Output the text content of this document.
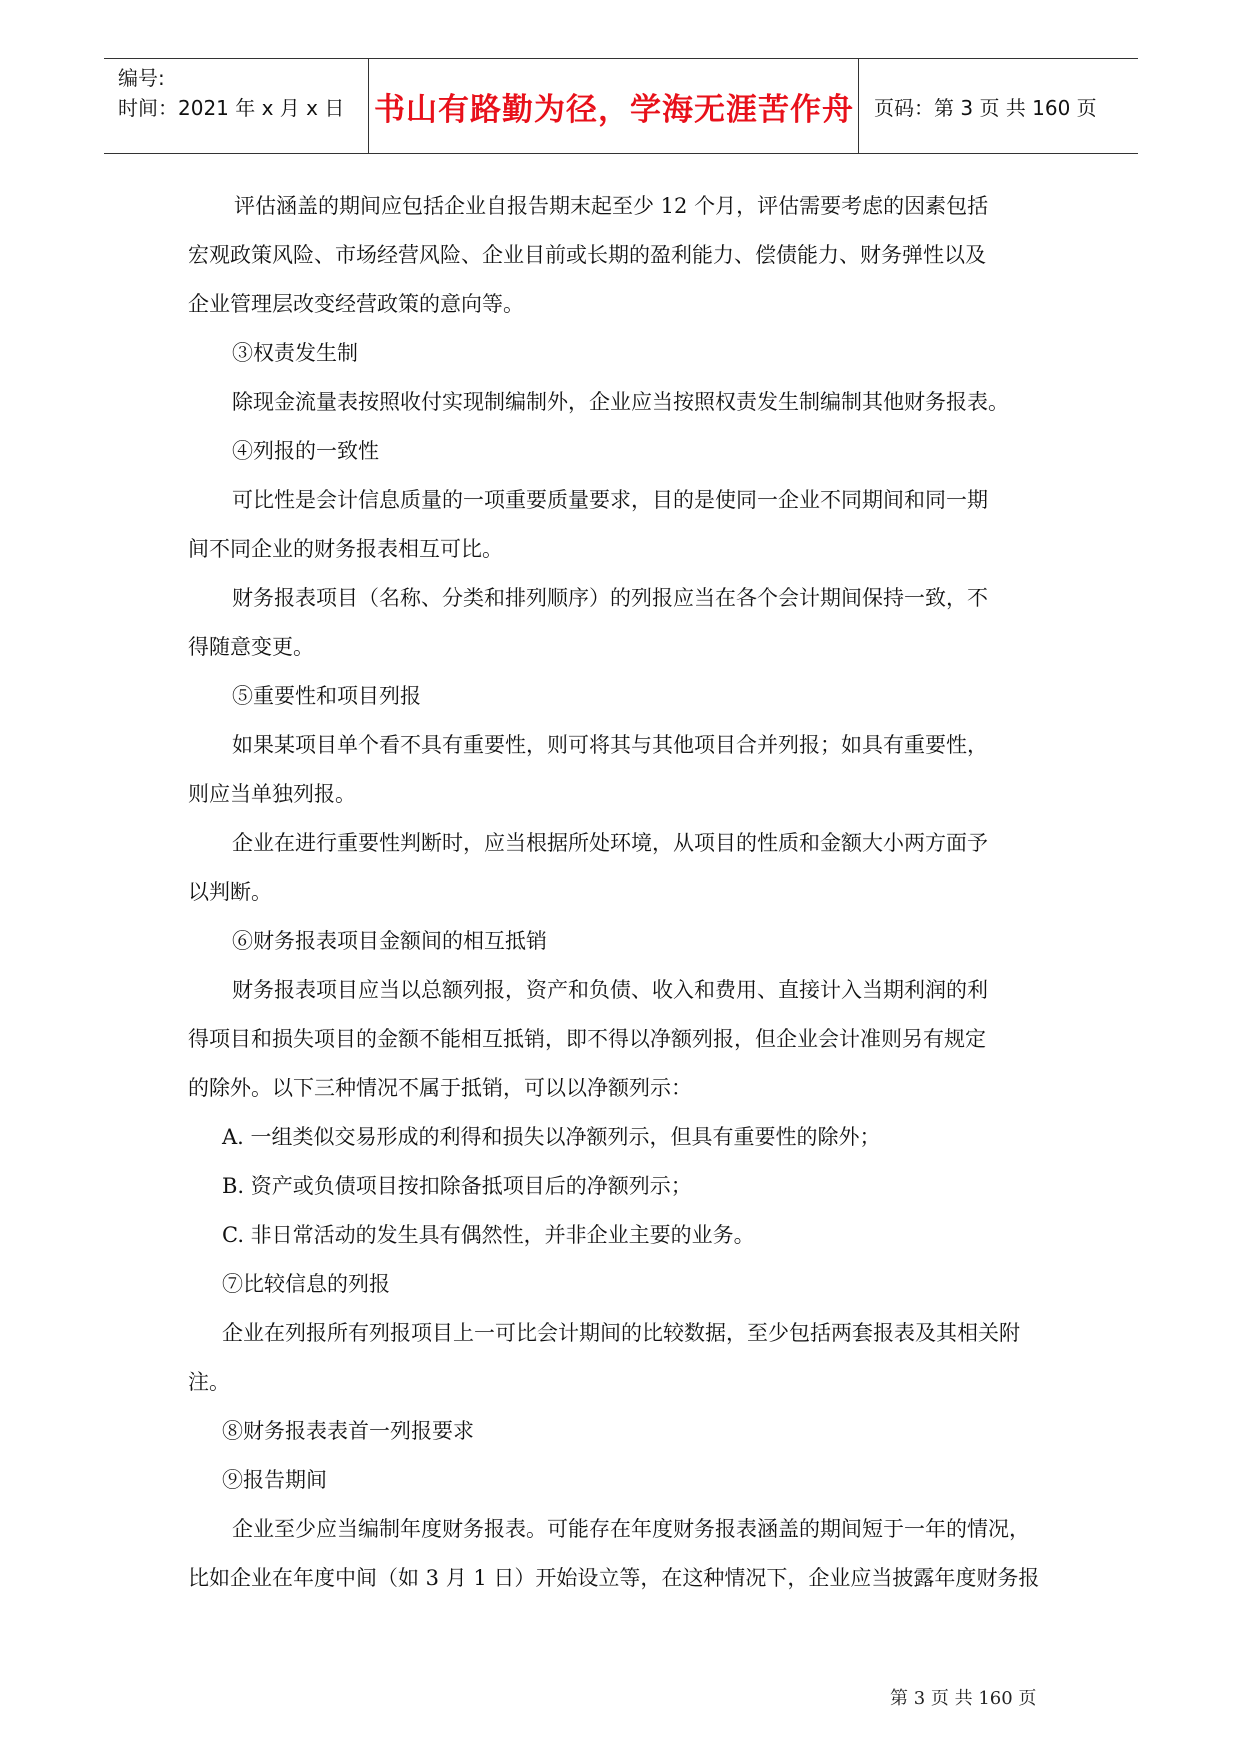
编号:
时间：2021 年 x 月 x 日 书山有路勤为径，学海无涯苦作舟 页码：第 3 页 共 160 页
评估涵盖的期间应包括企业自报告期末起至少 12 个月，评估需要考虑的因素包括
宏观政策风险、市场经营风险、企业目前或长期的盈利能力、偿债能力、财务弹性以及
企业管理层改变经营政策的意向等。
③权责发生制
除现金流量表按照收付实现制编制外，企业应当按照权责发生制编制其他财务报表。
④列报的一致性
可比性是会计信息质量的一项重要质量要求，目的是使同一企业不同期间和同一期
间不同企业的财务报表相互可比。
财务报表项目（名称、分类和排列顺序）的列报应当在各个会计期间保持一致，不
得随意变更。
⑤重要性和项目列报
如果某项目单个看不具有重要性，则可将其与其他项目合并列报；如具有重要性，
则应当单独列报。
企业在进行重要性判断时，应当根据所处环境，从项目的性质和金额大小两方面予
以判断。
⑥财务报表项目金额间的相互抵销
财务报表项目应当以总额列报，资产和负债、收入和费用、直接计入当期利润的利
得项目和损失项目的金额不能相互抵销，即不得以净额列报，但企业会计准则另有规定
的除外。以下三种情况不属于抵销，可以以净额列示：
A. 一组类似交易形成的利得和损失以净额列示，但具有重要性的除外；
B. 资产或负债项目按扣除备抵项目后的净额列示；
C. 非日常活动的发生具有偶然性，并非企业主要的业务。
⑦比较信息的列报
企业在列报所有列报项目上一可比会计期间的比较数据，至少包括两套报表及其相关附
注。
⑧财务报表表首一列报要求
⑨报告期间
企业至少应当编制年度财务报表。可能存在年度财务报表涵盖的期间短于一年的情况，
比如企业在年度中间（如 3 月 1 日）开始设立等，在这种情况下，企业应当披露年度财务报
第 3 页 共 160 页
